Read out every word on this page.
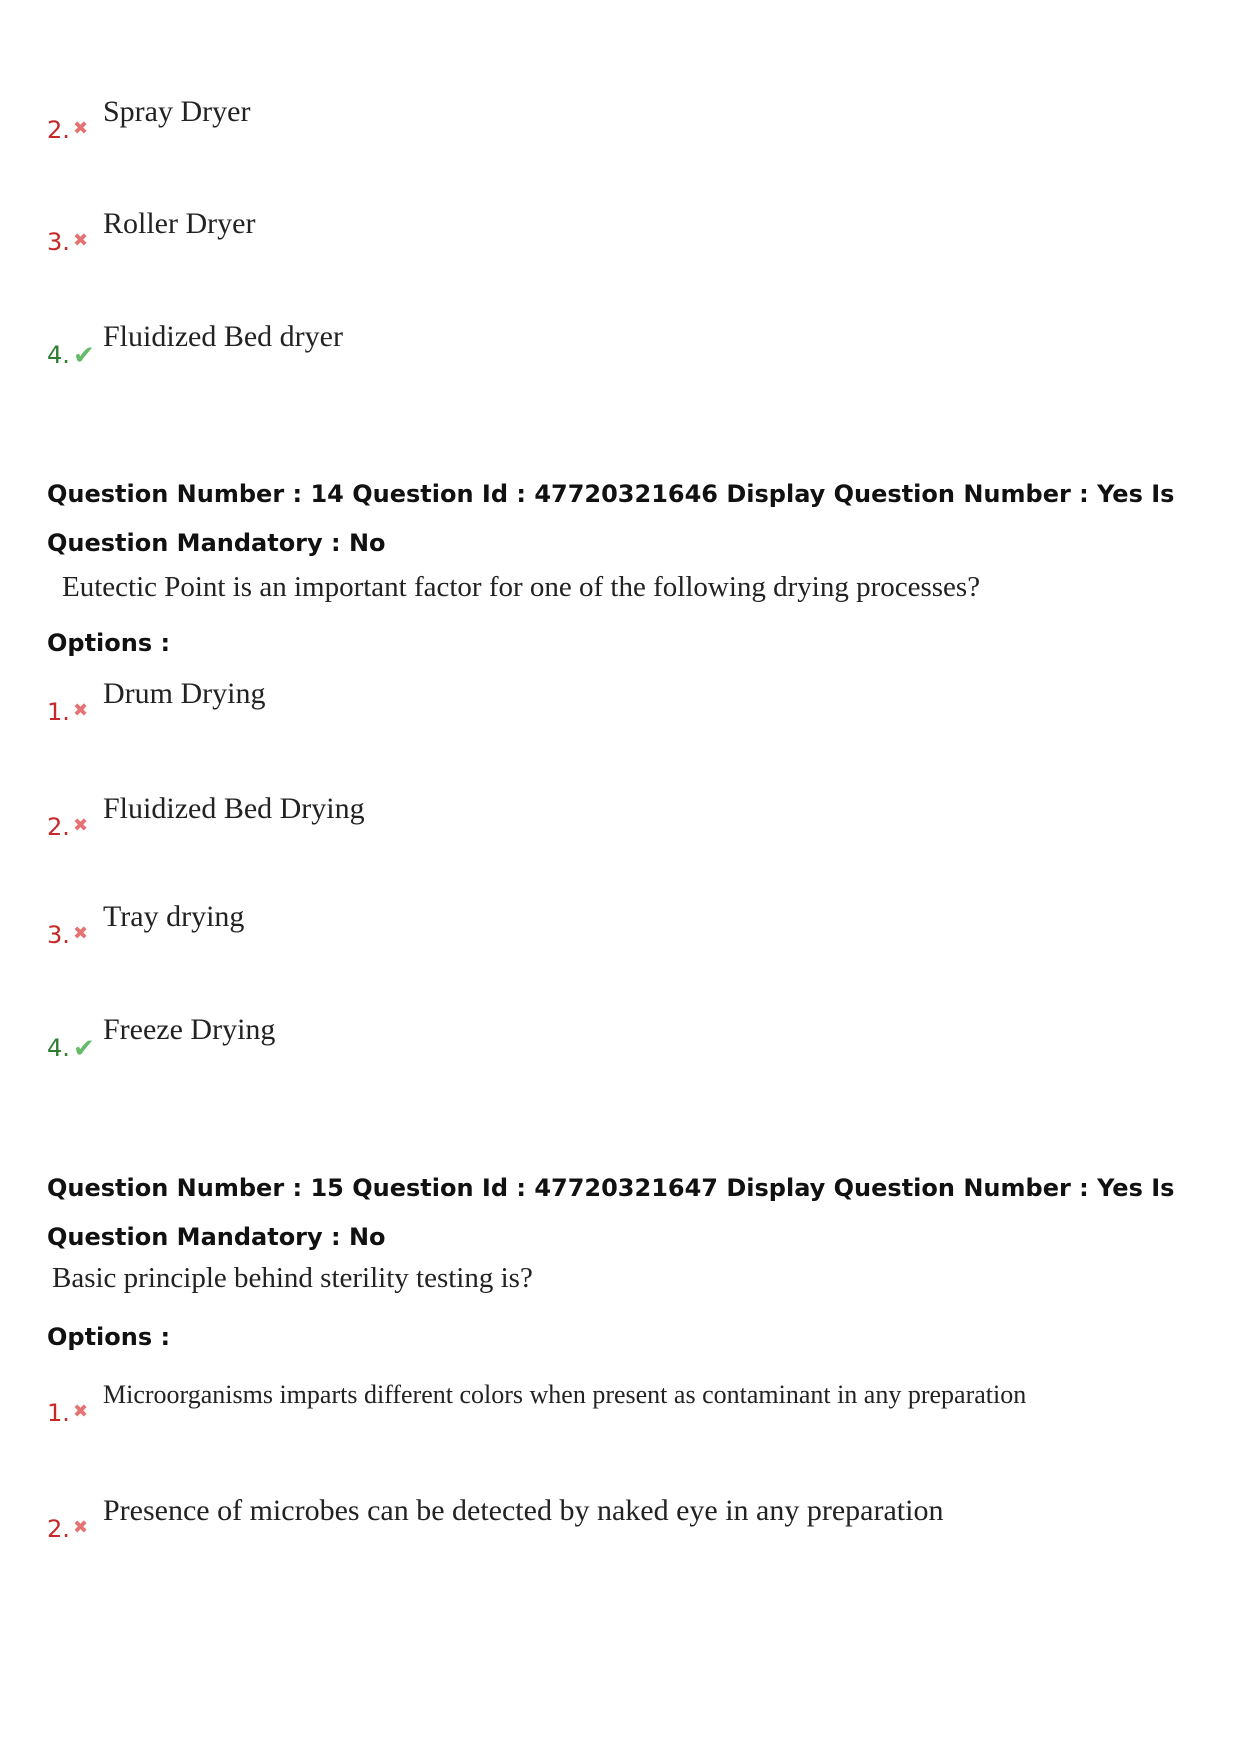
2. ✖
Spray Dryer
3. ✖
Roller Dryer
4. ✔
Fluidized Bed dryer
Question Number : 14 Question Id : 47720321646 Display Question Number : Yes Is Question Mandatory : No
Eutectic Point is an important factor for one of the following drying processes?
Options :
1. ✖
Drum Drying
2. ✖
Fluidized Bed Drying
3. ✖
Tray drying
4. ✔
Freeze Drying
Question Number : 15 Question Id : 47720321647 Display Question Number : Yes Is Question Mandatory : No
Basic principle behind sterility testing is?
Options :
1. ✖
Microorganisms imparts different colors when present as contaminant in any preparation
2. ✖
Presence of microbes can be detected by naked eye in any preparation
